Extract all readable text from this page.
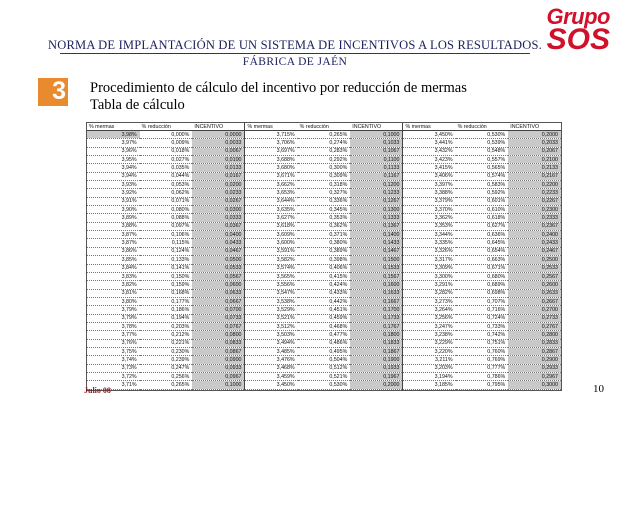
Grupo
SOS
NORMA DE IMPLANTACIÓN DE UN SISTEMA DE INCENTIVOS A LOS RESULTADOS.
FÁBRICA DE JAÉN
3 Procedimiento de cálculo del incentivo por reducción de mermas
Tabla de cálculo
% mermas	% reducción	INCENTIVO	% mermas	% reducción	INCENTIVO	% mermas	% reducción	INCENTIVO
3,98%	0,000%	0,0000	3,715%	0,265%	0,1000	3,450%	0,530%	0,2000
3,97%	0,009%	0,0033	3,706%	0,274%	0,1033	3,441%	0,539%	0,2033
3,96%	0,018%	0,0067	3,697%	0,283%	0,1067	3,432%	0,548%	0,2067
3,95%	0,027%	0,0100	3,688%	0,292%	0,1100	3,423%	0,557%	0,2100
3,94%	0,035%	0,0133	3,680%	0,300%	0,1133	3,415%	0,565%	0,2133
3,94%	0,044%	0,0167	3,671%	0,309%	0,1167	3,406%	0,574%	0,2167
3,93%	0,053%	0,0200	3,662%	0,318%	0,1200	3,397%	0,583%	0,2200
3,92%	0,062%	0,0233	3,653%	0,327%	0,1233	3,388%	0,592%	0,2233
3,91%	0,071%	0,0267	3,644%	0,336%	0,1267	3,379%	0,601%	0,2267
3,90%	0,080%	0,0300	3,635%	0,345%	0,1300	3,370%	0,610%	0,2300
3,89%	0,088%	0,0333	3,627%	0,353%	0,1333	3,362%	0,618%	0,2333
3,88%	0,097%	0,0367	3,618%	0,362%	0,1367	3,353%	0,627%	0,2367
3,87%	0,106%	0,0400	3,609%	0,371%	0,1400	3,344%	0,636%	0,2400
3,87%	0,115%	0,0433	3,600%	0,380%	0,1433	3,335%	0,645%	0,2433
3,86%	0,124%	0,0467	3,591%	0,389%	0,1467	3,326%	0,654%	0,2467
3,85%	0,133%	0,0500	3,582%	0,398%	0,1500	3,317%	0,663%	0,2500
3,84%	0,141%	0,0533	3,574%	0,406%	0,1533	3,309%	0,671%	0,2533
3,83%	0,150%	0,0567	3,565%	0,415%	0,1567	3,300%	0,680%	0,2567
3,82%	0,159%	0,0600	3,556%	0,424%	0,1600	3,291%	0,689%	0,2600
3,81%	0,168%	0,0633	3,547%	0,433%	0,1633	3,282%	0,698%	0,2633
3,80%	0,177%	0,0667	3,538%	0,442%	0,1667	3,273%	0,707%	0,2667
3,79%	0,186%	0,0700	3,529%	0,451%	0,1700	3,264%	0,716%	0,2700
3,79%	0,194%	0,0733	3,521%	0,459%	0,1733	3,256%	0,724%	0,2733
3,78%	0,203%	0,0767	3,512%	0,468%	0,1767	3,247%	0,733%	0,2767
3,77%	0,212%	0,0800	3,503%	0,477%	0,1800	3,238%	0,742%	0,2800
3,76%	0,221%	0,0833	3,494%	0,486%	0,1833	3,229%	0,751%	0,2833
3,75%	0,230%	0,0867	3,485%	0,495%	0,1867	3,220%	0,760%	0,2867
3,74%	0,239%	0,0900	3,476%	0,504%	0,1900	3,211%	0,769%	0,2900
3,73%	0,247%	0,0933	3,468%	0,512%	0,1933	3,203%	0,777%	0,2933
3,72%	0,256%	0,0967	3,459%	0,521%	0,1967	3,194%	0,786%	0,2967
3,71%	0,265%	0,1000	3,450%	0,530%	0,2000	3,185%	0,795%	0,3000
Julio 08	10
